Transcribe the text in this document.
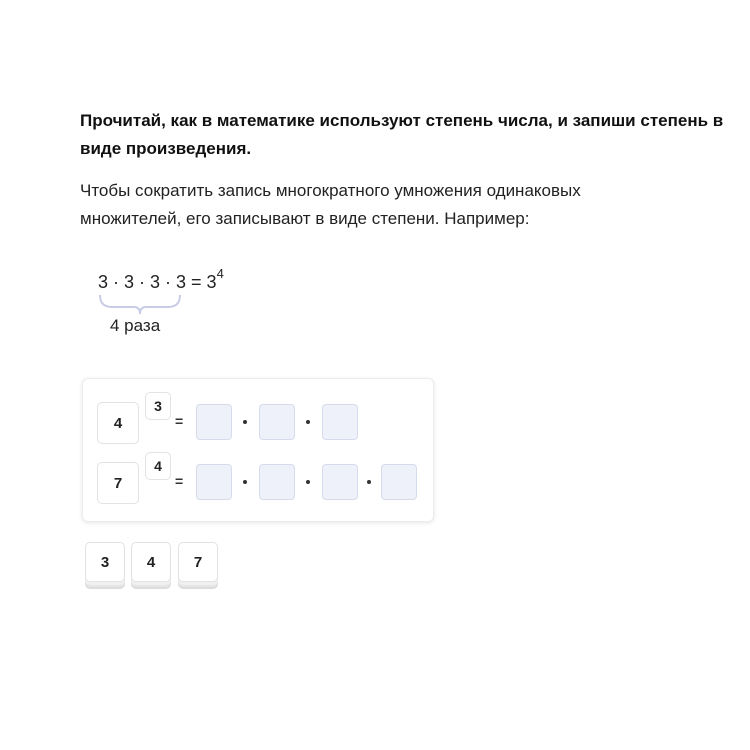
Прочитай, как в математике используют степень числа, и запиши степень в виде произведения.
Чтобы сократить запись многократного умножения одинаковых множителей, его записывают в виде степени. Например:
$3 \cdot 3 \cdot 3 \cdot 3 = 3^4$
4 раза
4
3
=
7
4
=
3	4	7
